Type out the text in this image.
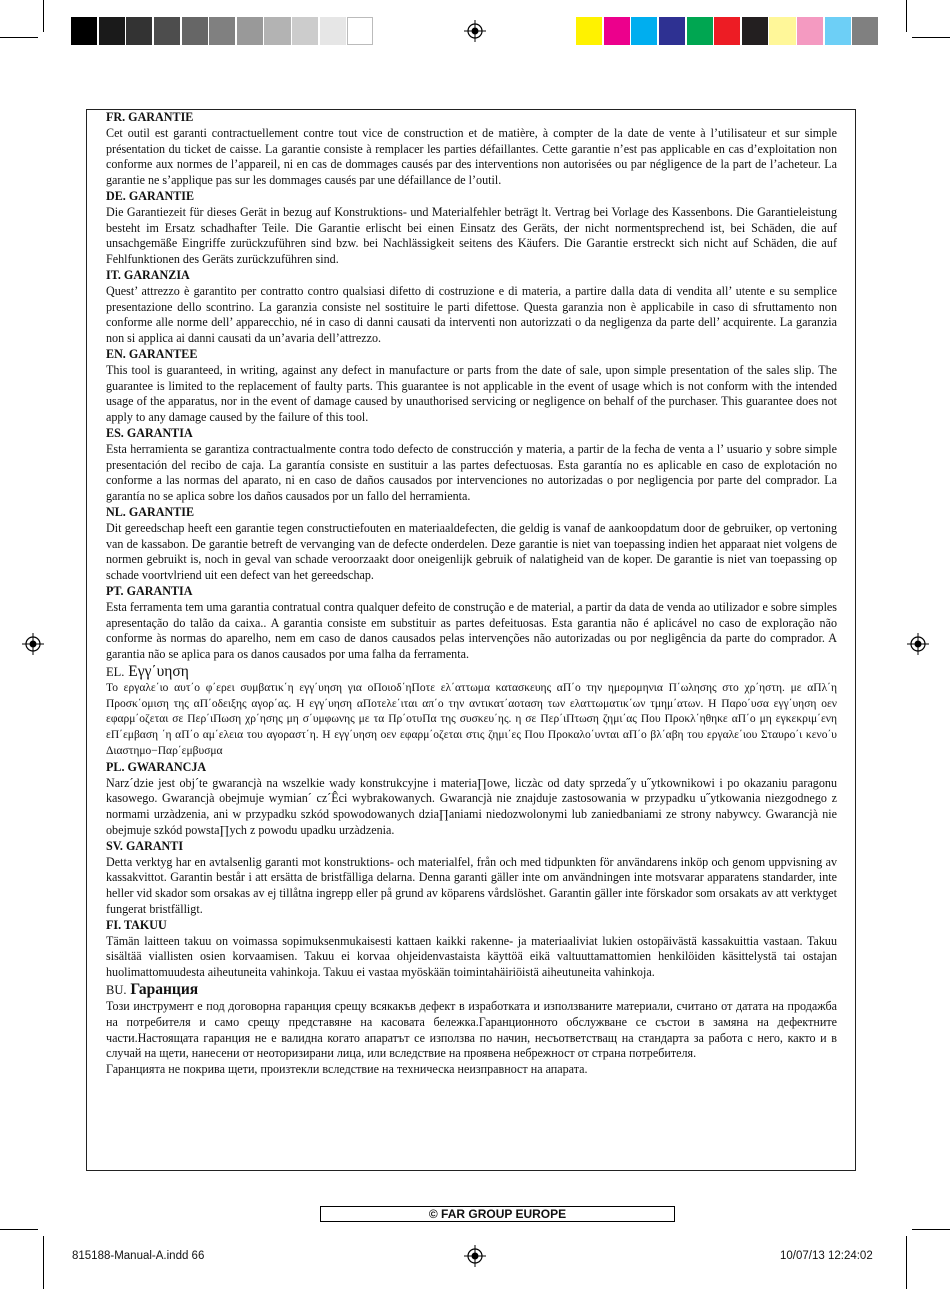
FR. GARANTIE

Cet outil est garanti contractuellement contre tout vice de construction et de matière, à compter de la date de vente à l’utilisateur et sur simple présentation du ticket de caisse. La garantie consiste à remplacer les parties défaillantes. Cette garantie n’est pas applicable en cas d’exploitation non conforme aux normes de l’appareil, ni en cas de dommages causés par des interventions non autorisées ou par négligence de la part de l’acheteur. La garantie ne s’applique pas sur les dommages causés par une défaillance de l’outil.

DE. GARANTIE

Die Garantiezeit für dieses Gerät in bezug auf Konstruktions- und Materialfehler beträgt lt. Vertrag bei Vorlage des Kassenbons. Die Garantieleistung besteht im Ersatz schadhafter Teile. Die Garantie erlischt bei einen Einsatz des Geräts, der nicht normentsprechend ist, bei Schäden, die auf unsachgemäße Eingriffe zurückzuführen sind bzw. bei Nachlässigkeit seitens des Käufers. Die Garantie erstreckt sich nicht auf Schäden, die auf Fehlfunktionen des Geräts zurückzuführen sind.

IT. GARANZIA

Quest’ attrezzo è garantito per contratto contro qualsiasi difetto di costruzione e di materia, a partire dalla data di vendita all’ utente e su semplice presentazione dello scontrino. La garanzia consiste nel sostituire le parti difettose. Questa garanzia non è applicabile in caso di sfruttamento non conforme alle norme dell’ apparecchio, né in caso di danni causati da interventi non autorizzati o da negligenza da parte dell’ acquirente. La garanzia non si applica ai danni causati da un’avaria dell’attrezzo.

EN. GARANTEE

This tool is guaranteed, in writing, against any defect in manufacture or parts from the date of sale, upon simple presentation of the sales slip. The guarantee is limited to the replacement of faulty parts. This guarantee is not applicable in the event of usage which is not conform with the intended usage of the apparatus, nor in the event of damage caused by unauthorised servicing or negligence on behalf of the purchaser. This guarantee does not apply to any damage caused by the failure of this tool.

ES. GARANTIA

Esta herramienta se garantiza contractualmente contra todo defecto de construcción y materia, a partir de la fecha de venta a l’ usuario y sobre simple presentación del recibo de caja. La garantía consiste en sustituir a las partes defectuosas. Esta garantía no es aplicable en caso de explotación no conforme a las normas del aparato, ni en caso de daños causados por intervenciones no autorizadas o por negligencia por parte del comprador. La garantía no se aplica sobre los daños causados por un fallo del herramienta.

NL. GARANTIE

Dit gereedschap heeft een garantie tegen constructiefouten en materiaaldefecten, die geldig is vanaf de aankoopdatum door de gebruiker, op vertoning van de kassabon. De garantie betreft de vervanging van de defecte onderdelen. Deze garantie is niet van toepassing indien het apparaat niet volgens de normen gebruikt is, noch in geval van schade veroorzaakt door oneigenlijk gebruik of nalatigheid van de koper. De garantie is niet van toepassing op schade voortvlriend uit een defect van het gereedschap.

PT. GARANTIA

Esta ferramenta tem uma garantia contratual contra qualquer defeito de construção e de material, a partir da data de venda ao utilizador e sobre simples apresentação do talão da caixa.. A garantia consiste em substituir as partes defeituosas. Esta garantia não é aplicável no caso de exploração não conforme às normas do aparelho, nem em caso de danos causados pelas intervenções não autorizadas ou por negligência da parte do comprador. A garantia não se aplica para os danos causados por uma falha da ferramenta.

EL. Εγγ΄υηση

Το εργαλε΄ιο αυτ΄ο φ΄ερει συμβατικ΄η εγγ΄υηση για οΠοιοδ΄ηΠοτε ελ΄αττωμα κατασκευης αΠ΄ο την ημερομηνια Π΄ωλησης στο χρ΄ηστη. με αΠλ΄η Προσκ΄ομιση της αΠ΄οδειξης αγορ΄ας. Η εγγ΄υηση αΠοτελε΄ιται απ΄ο την αντικατ΄αοταση των ελαττωματικ΄ων τμημ΄ατων. Η Παρο΄υσα εγγ΄υηση οεν εφαρμ΄οζεται σε Περ΄ιΠωση χρ΄ησης μη σ΄υμφωνης με τα Πρ΄οτυΠα της συσκευ΄ης. η σε Περ΄ιΠτωση ζημι΄ας Που Προκλ΄ηθηκε αΠ΄ο μη εγκεκριμ΄ενη εΠ΄εμβαση ΄η αΠ΄ο αμ΄ελεια του αγοραστ΄η. Η εγγ΄υηση οεν εφαρμ΄οζεται στις ζημι΄ες Που Προκαλο΄υνται αΠ΄ο βλ΄αβη του εργαλε΄ιου Σταυρο΄ι κενο΄υ Διαστημο−Παρ΄εμβυσμα

PL. GWARANCJA

Narz´dzie jest obj´te gwarancjà na wszelkie wady konstrukcyjne i materia∏owe, liczàc od daty sprzeda˝y u˝ytkownikowi i po okazaniu paragonu kasowego. Gwarancjà obejmuje wymian´ cz´Êci wybrakowanych. Gwarancjà nie znajduje zastosowania w przypadku u˝ytkowania niezgodnego z normami urzàdzenia, ani w przypadku szkód spowodowanych dzia∏aniami niedozwolonymi lub zaniedbaniami ze strony nabywcy. Gwarancjà nie obejmuje szkód powsta∏ych z powodu upadku urzàdzenia.

SV. GARANTI

Detta verktyg har en avtalsenlig garanti mot konstruktions- och materialfel, från och med tidpunkten för användarens inköp och genom uppvisning av kassakvittot. Garantin består i att ersätta de bristfälliga delarna. Denna garanti gäller inte om användningen inte motsvarar apparatens standarder, inte heller vid skador som orsakas av ej tillåtna ingrepp eller på grund av köparens vårdslöshet. Garantin gäller inte förskador som orsakats av att verktyget fungerat bristfälligt.

FI. TAKUU

Tämän laitteen takuu on voimassa sopimuksenmukaisesti kattaen kaikki rakenne- ja materiaaliviat lukien ostopäivästä kassakuittia vastaan. Takuu sisältää viallisten osien korvaamisen. Takuu ei korvaa ohjeidenvastaista käyttöä eikä valtuuttamattomien henkilöiden käsittelystä tai ostajan huolimattomuudesta aiheutuneita vahinkoja. Takuu ei vastaa myöskään toimintahäiriöistä aiheutuneita vahinkoja.

BU. Гаранция

Този инструмент е под договорна гаранция срещу всякакъв дефект в изработката и използваните материали, считано от датата на продажба на потребителя и само срещу представяне на касовата бележка.Гаранционното обслужване се състои в замяна на дефектните части.Настоящата гаранция не е валидна когато апаратът се използва по начин, несъответстващ на стандарта за работа с него, както и в случай на щети, нанесени от неоторизирани лица, или вследствие на проявена небрежност от страна потребителя.

Гаранцията не покрива щети, произтекли вследствие на техническа неизправност на апарата.

© FAR GROUP EUROPE
815188-Manual-A.indd 66	10/07/13 12:24:02
